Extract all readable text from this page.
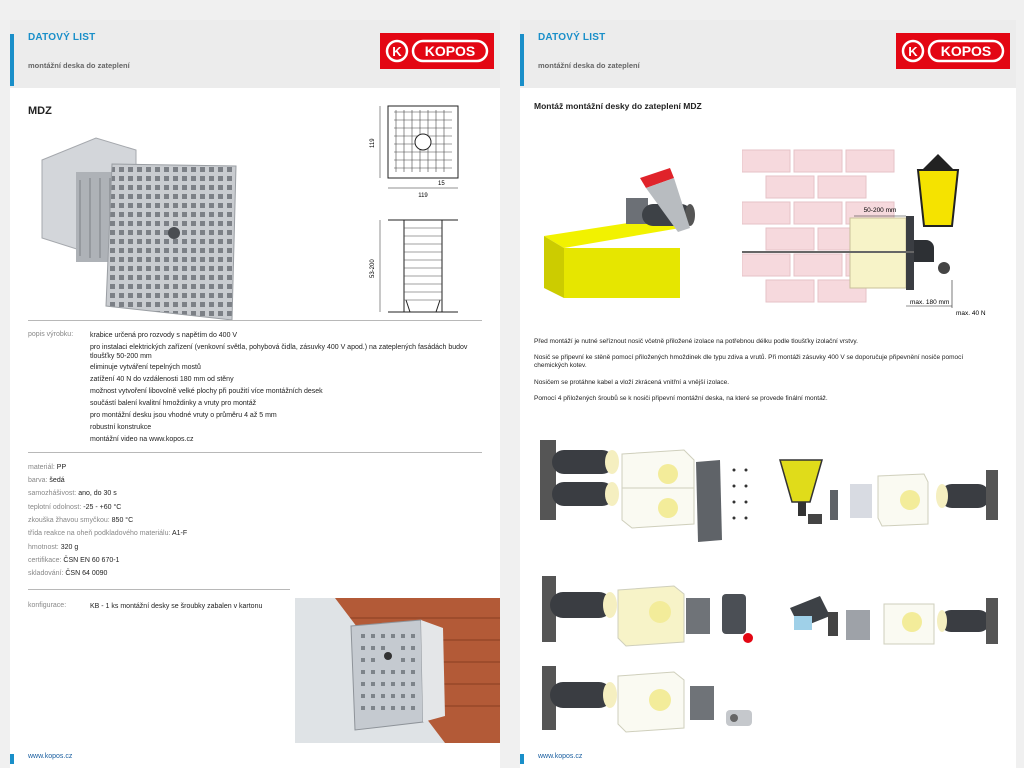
DATOVÝ LIST
montážní deska do zateplení
K KOPOS
MDZ
119
119
15
53-200
popis výrobku: krabice určená pro rozvody s napětím do 400 V
pro instalaci elektrických zařízení (venkovní světla, pohybová čidla, zásuvky 400 V apod.) na zateplených fasádách budov tloušťky 50-200 mm
eliminuje vytváření tepelných mostů
zatížení 40 N do vzdálenosti 180 mm od stěny
možnost vytvoření libovolně velké plochy při použití více montážních desek
součástí balení kvalitní hmoždinky a vruty pro montáž
pro montážní desku jsou vhodné vruty o průměru 4 až 5 mm
robustní konstrukce
montážní video na www.kopos.cz
materiál: PP
barva: šedá
samozhášivost: ano, do 30 s
teplotní odolnost: -25 - +60 °C
zkouška žhavou smyčkou: 850 °C
třída reakce na oheň podkladového materiálu: A1-F
hmotnost: 320 g
certifikace: ČSN EN 60 670-1
skladování: ČSN 64 0090
konfigurace:	KB - 1 ks montážní desky se šroubky zabalen v kartonu
www.kopos.cz
DATOVÝ LIST
montážní deska do zateplení
K KOPOS
Montáž montážní desky do zateplení MDZ
50-200 mm
max. 180 mm
max. 40 N
Před montáží je nutné seříznout nosič včetně přiložené izolace na potřebnou délku podle tloušťky izolační vrstvy.
Nosič se připevní ke stěně pomocí přiložených hmoždinek dle typu zdiva a vrutů. Při montáži zásuvky 400 V se doporučuje připevnění nosiče pomocí chemických kotev.
Nosičem se protáhne kabel a vloží zkrácená vnitřní a vnější izolace.
Pomocí 4 přiložených šroubů se k nosiči připevní montážní deska, na které se provede finální montáž.
www.kopos.cz
